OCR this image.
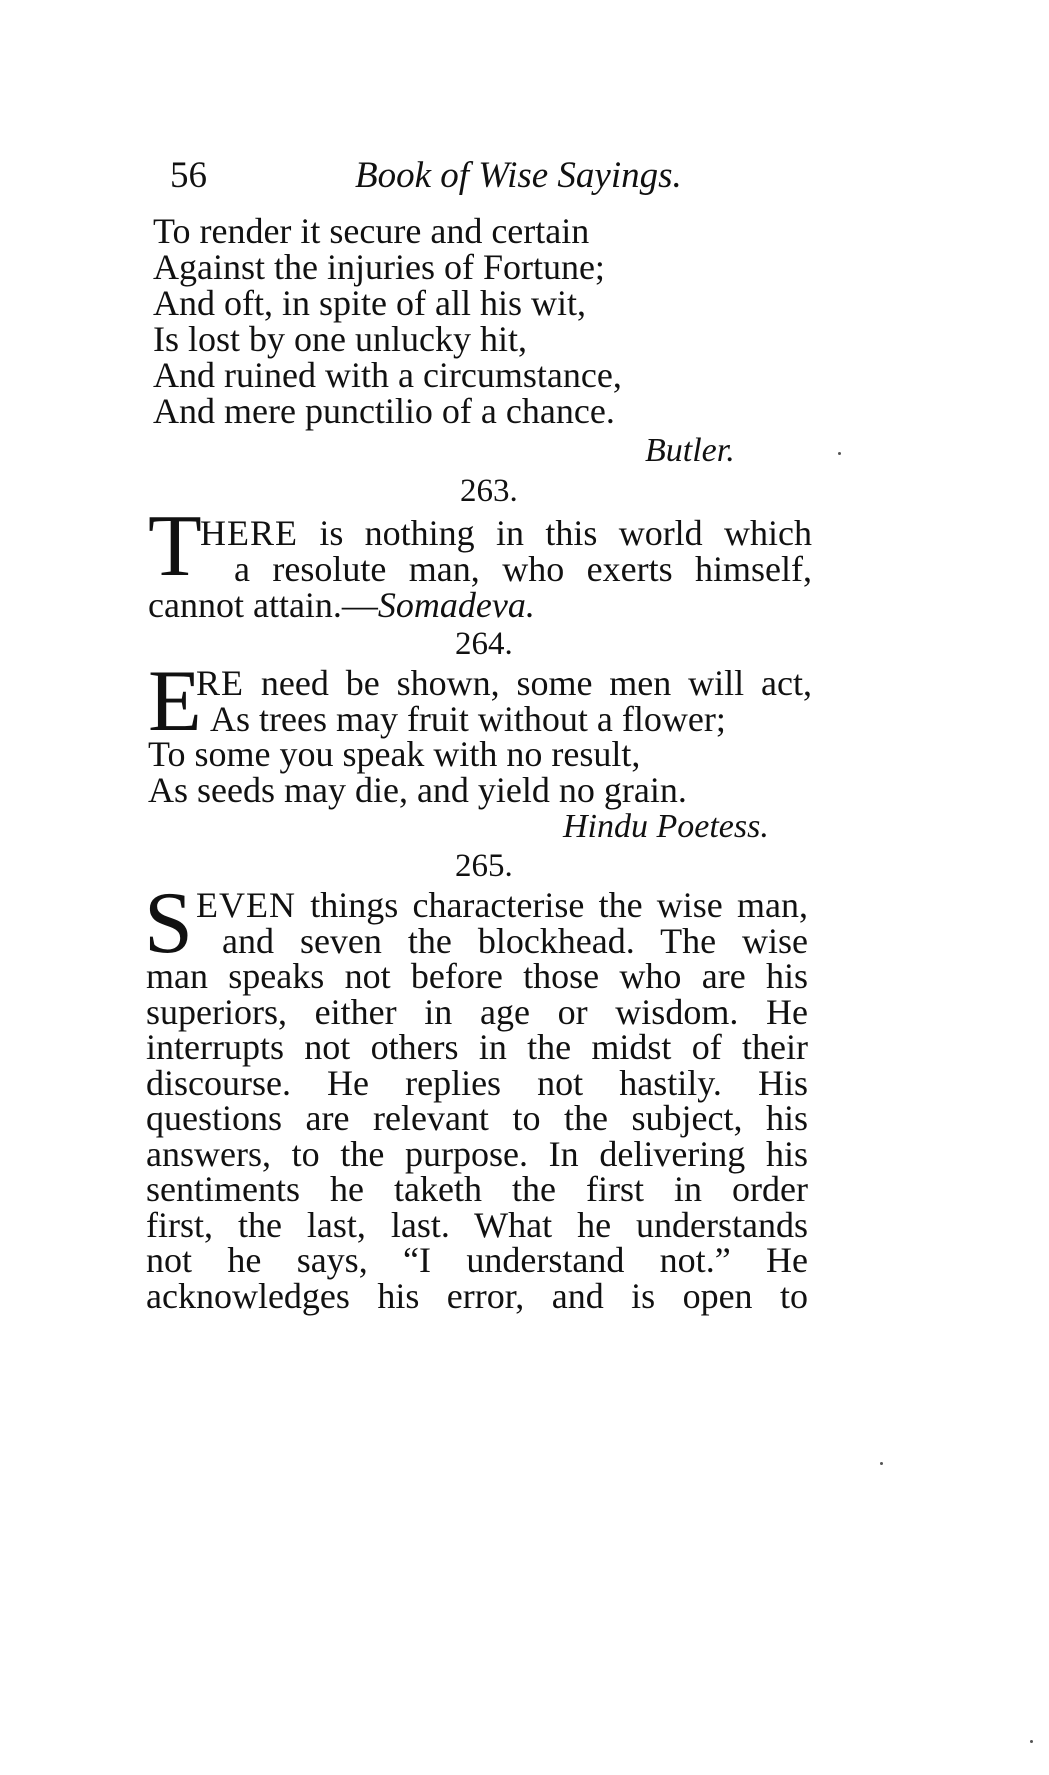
56	Book of Wise Sayings.
To render it secure and certain
Against the injuries of Fortune;
And oft, in spite of all his wit,
Is lost by one unlucky hit,
And ruined with a circumstance,
And mere punctilio of a chance.
Butler.
263.
T
HERE is nothing in this world which
a resolute man, who exerts himself,
cannot attain.—Somadeva.
264.
E
RE need be shown, some men will act,
As trees may fruit without a flower;
To some you speak with no result,
As seeds may die, and yield no grain.
Hindu Poetess.
265.
S EVEN things characterise the wise man,
and seven the blockhead. The wise
man speaks not before those who are his
superiors, either in age or wisdom. He
interrupts not others in the midst of their
discourse. He replies not hastily. His
questions are relevant to the subject, his
answers, to the purpose. In delivering his
sentiments he taketh the first in order
first, the last, last. What he understands
not he says, “I understand not.” He
acknowledges his error, and is open to
